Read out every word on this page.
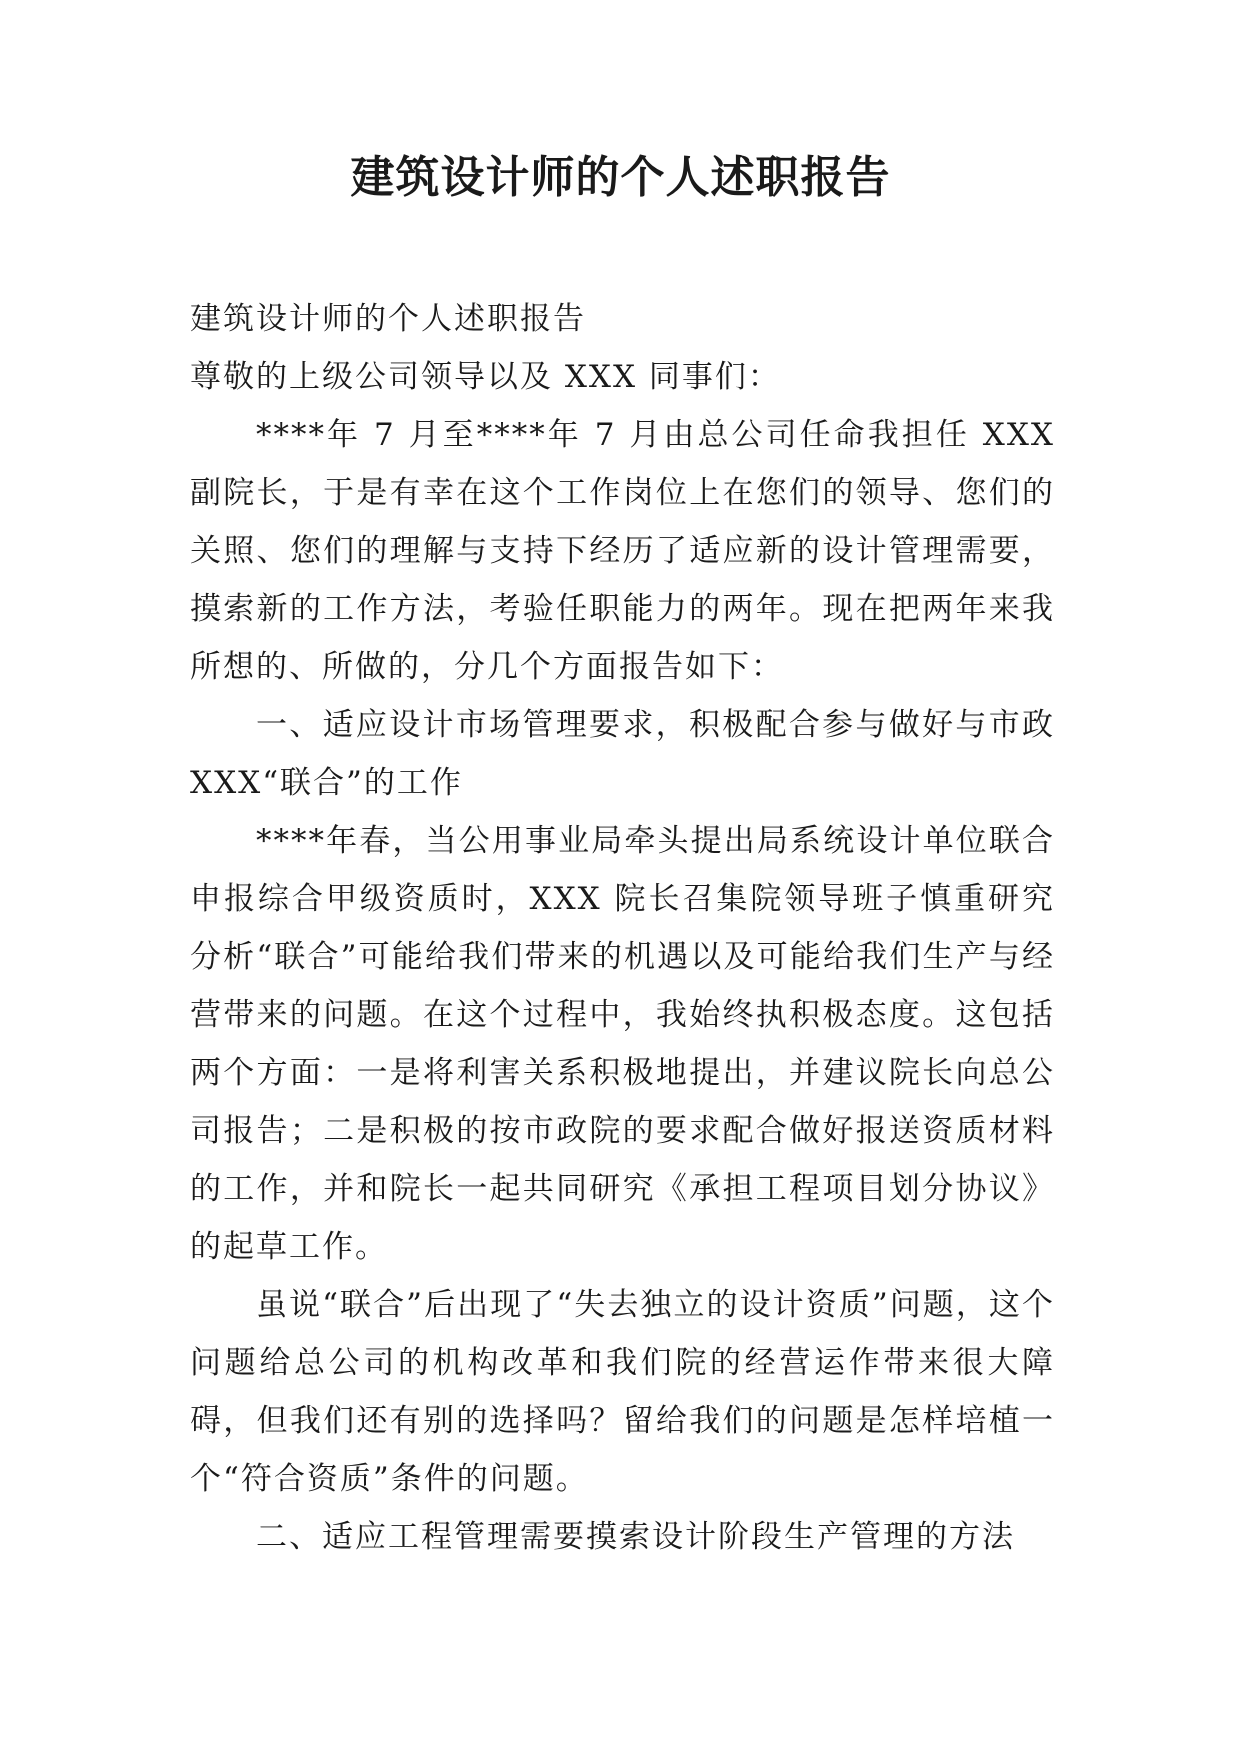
建筑设计师的个人述职报告

建筑设计师的个人述职报告

尊敬的上级公司领导以及 XXX 同事们：

****年 7 月至****年 7 月由总公司任命我担任 XXX 副院长，于是有幸在这个工作岗位上在您们的领导、您们的关照、您们的理解与支持下经历了适应新的设计管理需要，摸索新的工作方法，考验任职能力的两年。现在把两年来我所想的、所做的，分几个方面报告如下：

一、适应设计市场管理要求，积极配合参与做好与市政 XXX“联合”的工作

****年春，当公用事业局牵头提出局系统设计单位联合申报综合甲级资质时，XXX 院长召集院领导班子慎重研究分析“联合”可能给我们带来的机遇以及可能给我们生产与经营带来的问题。在这个过程中，我始终执积极态度。这包括两个方面：一是将利害关系积极地提出，并建议院长向总公司报告；二是积极的按市政院的要求配合做好报送资质材料的工作，并和院长一起共同研究《承担工程项目划分协议》的起草工作。

虽说“联合”后出现了“失去独立的设计资质”问题，这个问题给总公司的机构改革和我们院的经营运作带来很大障碍，但我们还有别的选择吗？留给我们的问题是怎样培植一个“符合资质”条件的问题。

二、适应工程管理需要摸索设计阶段生产管理的方法
